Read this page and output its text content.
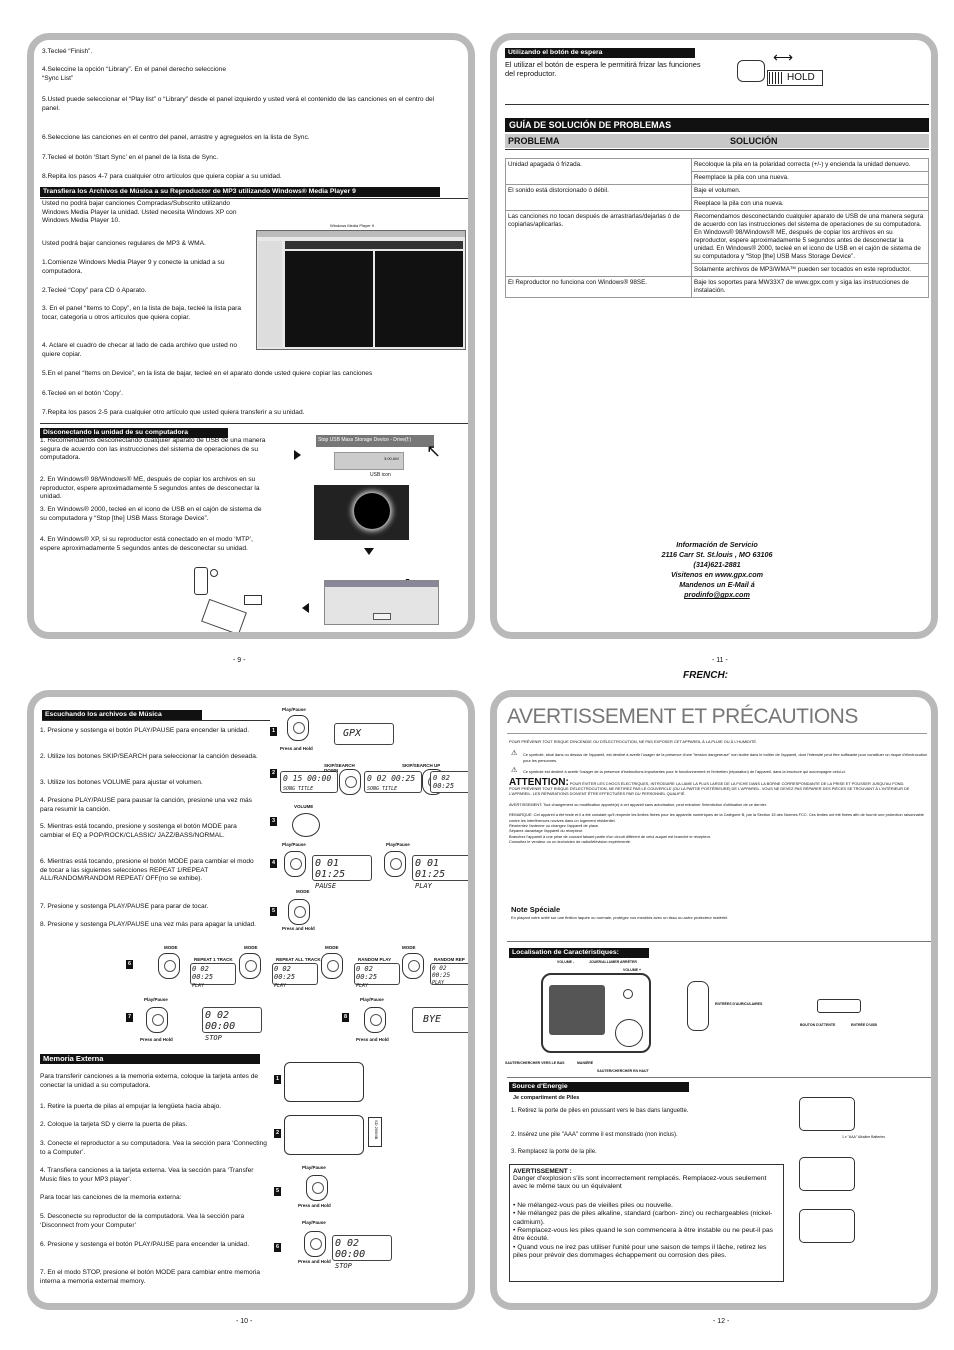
3.Tecleé “Finish”.
4.Seleccine la opción “Library”. En el panel derecho seleccione “Sync List”
5.Usted puede seleccionar el “Play list” o “Library” desde el panel izquierdo y usted verá el contenido de las canciones en el centro del panel.
6.Seleccione las canciones en el centro del panel, arrastre y agreguelos en la lista de Sync.
7.Tecleé el botón ‘Start Sync’ en el panel de la lista de Sync.
8.Repita los pasos 4-7 para cualquier otro artículos que quiera copiar a su unidad.
Transfiera los Archivos de Música a su Reproductor de MP3 utilizando Windows® Media Player 9
Usted no podrá bajar canciones Compradas/Subscrito utilizando Windows Media Player la unidad. Usted necesita Windows XP con Windows Media Player 10.
Usted podrá bajar canciones regulares de MP3 & WMA.
1.Comienze Windows Media Player 9 y conecte la unidad a su computadora.
2.Tecleé “Copy” para CD ó Aparato.
3. En el panel “Items to Copy”, en la lista de baja, tecleé la lista para tocar, categoria u otros artículos que quiera copiar.
4. Aclare el cuadro de checar al lado de cada archivo que usted no quiere copiar.
5.En el panel “Items on Device”, en la lista de bajar, tecleé en el aparato donde usted quiere copiar las canciones
6.Tecleé en el botón ‘Copy’.
7.Repita los pasos 2-5 para cualquier otro artículo que usted quiera transferir a su unidad.
Windows Media Player 9
Disconectando la unidad de su computadora
1. Recomendamos desconectando cualquier aparato de USB de una manera segura de acuerdo con las instrucciones del sistema de operaciones de su computadora.
2. En Windows® 98/Windows® ME, después de copiar los archivos en su reproductor, espere aproximadamente 5 segundos antes de desconectar la unidad.
3. En Windows® 2000, tecleé en el icono de USB en el cajón de sistema de su computadora y “Stop [the] USB Mass Storage Device”.
4. En Windows® XP, si su reproductor está conectado en el modo ‘MTP’, espere aproximadamente 5 segundos antes de desconectar su unidad.
Stop USB Mass Storage Device - Drive(f:)
3:00 AM
USB icon
↖
- 9 -
Utilizando el botón de espera
El utilizar el botón de espera le permitirá frizar las funciones del reproductor.
⟷
HOLD
GUÍA DE SOLUCIÓN DE PROBLEMAS
PROBLEMA	SOLUCIÓN
Unidad apagada ó frizada.	Recoloque la pila en la polaridad correcta (+/-) y encienda la unidad denuevo.
	Reemplace la pila con una nueva.
El sonido está distorcionado ó débil.	Baje el volumen.
	Reeplace la pila con una nueva.
Las canciones no tocan después de arrastrarlas/dejarlas ó de copiarlas/aplicarlas.	Recomendamos desconectando cualquier aparato de USB de una manera segura de acuerdo con las instrucciones del sistema de operaciones de su computadora. En Windows® 98/Windows® ME, después de copiar los archivos en su reproductor, espere aproximadamente 5 segundos antes de desconectar la unidad. En Windows® 2000, tecleé en el icono de USB en el cajón de sistema de su computadora y “Stop [the] USB Mass Storage Device”.
	Solamente archivos de MP3/WMA™ pueden ser tocados en este reproductor.
El Reproductor no funciona con Windows® 98SE.	Baje los soportes para MW33X7 de www.gpx.com y siga las instrucciones de instalación.
Información de Servicio
2116 Carr St. St.louis , MO 63106
(314)621-2881
Visitenos en www.gpx.com
Mandenos un E-Mail á
prodinfo@gpx.com
- 11 -
FRENCH:
Escuchando los archivos de Música
1. Presione y sostenga el botón PLAY/PAUSE para encender la unidad.
2. Utilize los botones SKIP/SEARCH para seleccionar la canción deseada.
3. Utilize los botones VOLUME para ajustar el volumen.
4. Presione PLAY/PAUSE para pausar la canción, presione una vez más para resumir la canción.
5. Mientras está tocando, presione y sostenga el botón MODE para cambiar el EQ a POP/ROCK/CLASSIC/ JAZZ/BASS/NORMAL.
6. Mientras está tocando, presione el botón MODE para cambiar el modo de tocar a las siguientes selecciones REPEAT 1/REPEAT ALL/RANDOM/RANDOM REPEAT/ OFF(no se exhibe).
7. Presione y sostenga PLAY/PAUSE para parar de tocar.
8. Presione y sostenga PLAY/PAUSE una vez más para apagar la unidad.
1
Play/Pause
Press and Hold
GPX
2
0 15 00:00
SONG TITLE
SKIP/SEARCH DOWN
0 02 00:25
SONG TITLE
SKIP/SEARCH UP
0 02 00:25
3
VOLUME
4
Play/Pause
0 01 01:25
PAUSE
Play/Pause
0 01 01:25
PLAY
5
MODE
Press and Hold
6
MODE
REPEAT 1 TRACK
0 02 00:25
PLAY
MODE
REPEAT ALL TRACK
0 02 00:25
PLAY
MODE
RANDOM PLAY
0 02 00:25
PLAY
MODE
RANDOM REP
0 02 00:25
PLAY
7
Play/Pause
Press and Hold
0 02 00:00
STOP
8
Play/Pause
Press and Hold
BYE
Memoria Externa
Para transferir canciones a la memoria externa, coloque la tarjeta antes de conectar la unidad a su computadora.
1. Retire la puerta de pilas al empujar la lengüeta hacia abajo.
2. Coloque la tarjeta SD y cierre la puerta de pilas.
3. Conecte el reproductor a su computadora. Vea la sección para ‘Connecting to a Computer’.
4. Transfiera canciones a la tarjeta externa. Vea la sección para ‘Transfer Music files to your MP3 player’.
Para tocar las canciones de la memoria externa:
5. Desconecte su reproductor de la computadora. Vea la sección para ‘Disconnect from your Computer’
6. Presione y sostenga el botón PLAY/PAUSE para encender la unidad.
7. En el modo STOP, presione el botón MODE para cambiar entre memoria interna a memoria external memory.
1
2	SD 256MB
5
Play/Pause
Press and Hold
6
Play/Pause
Press and Hold
0 02 00:00
STOP
- 10 -
AVERTISSEMENT ET PRÉCAUTIONS
POUR PRÉVENIR TOUT RISQUE D'INCENDIE OU D'ÉLECTROCUTION, NE PAS EXPOSER CET APPAREIL À LA PLUIE OU À L'HUMIDITÉ.
⚠ Ce symbole, situé dans ou dessus de l'appareil, est destiné à avertir l'usager de la présence d'une "tension dangereuse" non isolée dans le boîtier de l'appareil, dont l'intensité peut être suffisante pour constituer un risque d'électrocution pour les personnes.
⚠ Ce symbole est destiné à avertir l'usager de la présence d'instructions importantes pour le fonctionnement et l'entretien (réparation) de l'appareil, dans la brochure qui accompagne celui-ci.
ATTENTION: POUR ÉVITER LES CHOCS ÉLECTRIQUES, INTRODUIRE LA LAME LA PLUS LARGE DE LA FICHE DANS LA BORNE CORRESPONDANTE DE LA PRISE ET POUSSER JUSQU'AU FOND.
POUR PRÉVENIR TOUT RISQUE D'ÉLECTROCUTION, NE RETIREZ PAS LE COUVERCLE (OU LA PARTIE POSTÉRIEURE) DE L'APPAREIL. VOUS NE DEVEZ PAS RÉPARER DES PIÈCES SE TROUVANT À L'INTÉRIEUR DE L'APPAREIL. LES RÉPARATIONS DOIVENT ÊTRE EFFECTUÉES PAR DU PERSONNEL QUALIFIÉ.
AVERTISSEMENT: Tout changement ou modification apporté(e) à cet appareil sans autorisation, peut entraîner l'interdiction d'utilisation de ce dernier.
REMARQUE: Cet appareil a été testé et il a été constaté qu'il respecte les limites fixées pour les appareils numériques de la Catégorie B, par la Section 15 des Normes FCC. Ces limites ont été fixées afin de fournir une protection raisonnable contre les interférences nocives dans un logement résidentiel.
Réorientez l'antenne ou changez l'appareil de place.
Séparez davantage l'appareil du récepteur.
Branchez l'appareil à une prise de courant faisant partie d'un circuit différent de celui auquel est branché le récepteur.
Consultez le vendeur ou un technicien de radio/télévision expérimenté.
Note Spéciale
En plaçant votre unité sur une finition laquée ou normale, protégez vos meubles avec un tissu ou autre protecteur matériel.
Localisation de Caractéristiques:
VOLUME -	JOUER/ALLUMER ARRÊTER
VOLUME +
SAUTER/CHERCHER VERS LE BAS	MANIÈRE
SAUTER/CHERCHER EN HAUT
ENTRÉES D'AURICULAIRES
BOUTON D'ATTENTE	ENTRÉE D'USB
Source d'Energie
Je compartiment de Piles
1. Retirez la porte de piles en poussant vers le bas dans languette.
2. Insérez une pile "AAA" comme il est monstrado (non inclus).
3. Remplacez la porte de la pile.
AVERTISSEMENT :
Danger d'explosion s'ils sont incorrectement remplacés. Remplacez-vous seulement avec le même taux ou un équivalent
• Ne mélangez-vous pas de vieilles piles ou nouvelle.
• Ne mélangez pas de piles alkaline, standard (carbon- zinc) ou rechargeables (nickel-cadmium).
• Remplacez-vous les piles quand le son commencera à être instable ou ne peut-il pas être écouté.
• Quand vous ne irez pas utiliser l'unité pour une saison de temps il lâche, retirez les piles pour prévoir des dommages échappement ou corrosion des piles.
1 x "AAA" Alkaline Batteries
- 12 -
